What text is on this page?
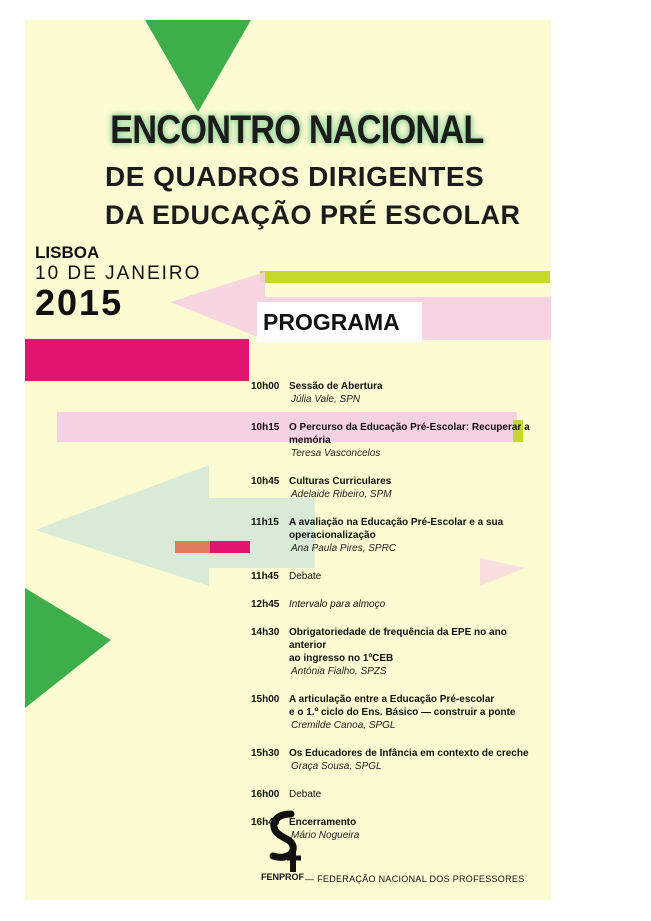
ENCONTRO NACIONAL
DE QUADROS DIRIGENTES
DA EDUCAÇÃO PRÉ ESCOLAR
LISBOA
10 DE JANEIRO
2015	PROGRAMA
10h00 Sessão de Abertura
Júlia Vale, SPN
10h15 O Percurso da Educação Pré-Escolar: Recuperar a memória
Teresa Vasconcelos
10h45 Culturas Curriculares
Adelaide Ribeiro, SPM
11h15	A avaliação na Educação Pré-Escolar e a sua operacionalização
Ana Paula Pires, SPRC
11h45	Debate
12h45 Intervalo para almoço
14h30 Obrigatoriedade de frequência da EPE no ano anterior
ao ingresso no 1ºCEB
Antónia Fialho, SPZS
15h00 A articulação entre a Educação Pré-escolar
e o 1.º ciclo do Ens. Básico — construir a ponte
Cremilde Canoa, SPGL
15h30 Os Educadores de Infância em contexto de creche
Graça Sousa, SPGL
16h00 Debate
16h45 Encerramento
Mário Nogueira
FENPROF — FEDERAÇÃO NACIONAL DOS PROFESSORES
